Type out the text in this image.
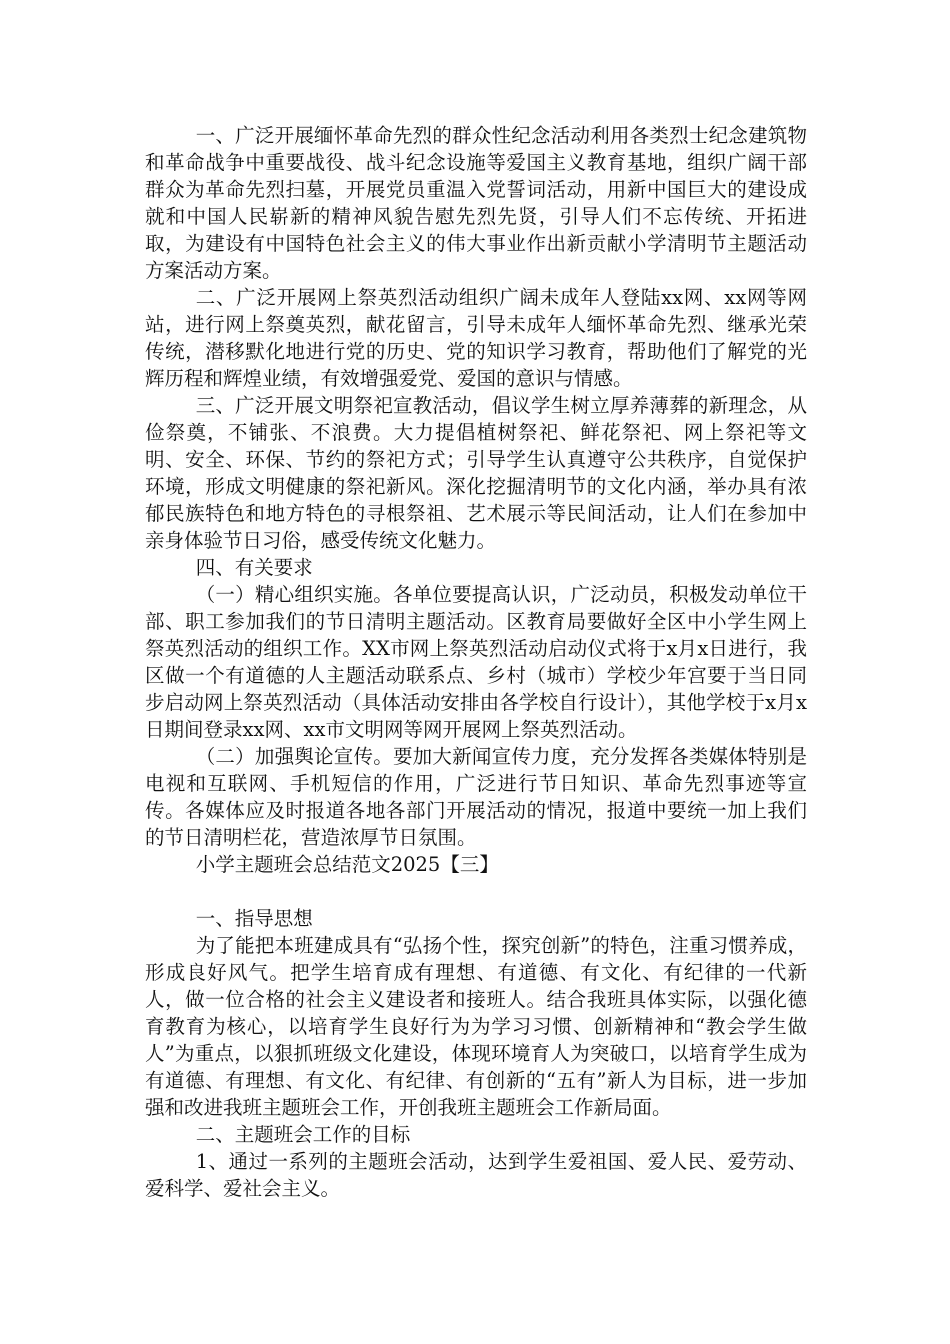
一、广泛开展缅怀革命先烈的群众性纪念活动利用各类烈士纪念建筑物和革命战争中重要战役、战斗纪念设施等爱国主义教育基地，组织广阔干部群众为革命先烈扫墓，开展党员重温入党誓词活动，用新中国巨大的建设成就和中国人民崭新的精神风貌告慰先烈先贤，引导人们不忘传统、开拓进取，为建设有中国特色社会主义的伟大事业作出新贡献小学清明节主题活动方案活动方案。

二、广泛开展网上祭英烈活动组织广阔未成年人登陆xx网、xx网等网站，进行网上祭奠英烈，献花留言，引导未成年人缅怀革命先烈、继承光荣传统，潜移默化地进行党的历史、党的知识学习教育，帮助他们了解党的光辉历程和辉煌业绩，有效增强爱党、爱国的意识与情感。

三、广泛开展文明祭祀宣教活动，倡议学生树立厚养薄葬的新理念，从俭祭奠，不铺张、不浪费。大力提倡植树祭祀、鲜花祭祀、网上祭祀等文明、安全、环保、节约的祭祀方式；引导学生认真遵守公共秩序，自觉保护环境，形成文明健康的祭祀新风。深化挖掘清明节的文化内涵，举办具有浓郁民族特色和地方特色的寻根祭祖、艺术展示等民间活动，让人们在参加中亲身体验节日习俗，感受传统文化魅力。

四、有关要求

（一）精心组织实施。各单位要提高认识，广泛动员，积极发动单位干部、职工参加我们的节日清明主题活动。区教育局要做好全区中小学生网上祭英烈活动的组织工作。XX市网上祭英烈活动启动仪式将于x月x日进行，我区做一个有道德的人主题活动联系点、乡村（城市）学校少年宫要于当日同步启动网上祭英烈活动（具体活动安排由各学校自行设计），其他学校于x月x日期间登录xx网、xx市文明网等网开展网上祭英烈活动。

（二）加强舆论宣传。要加大新闻宣传力度，充分发挥各类媒体特别是电视和互联网、手机短信的作用，广泛进行节日知识、革命先烈事迹等宣传。各媒体应及时报道各地各部门开展活动的情况，报道中要统一加上我们的节日清明栏花，营造浓厚节日氛围。

小学主题班会总结范文2025【三】

一、指导思想

为了能把本班建成具有“弘扬个性，探究创新”的特色，注重习惯养成，形成良好风气。把学生培育成有理想、有道德、有文化、有纪律的一代新人，做一位合格的社会主义建设者和接班人。结合我班具体实际，以强化德育教育为核心，以培育学生良好行为为学习习惯、创新精神和“教会学生做人”为重点，以狠抓班级文化建设，体现环境育人为突破口，以培育学生成为有道德、有理想、有文化、有纪律、有创新的“五有”新人为目标，进一步加强和改进我班主题班会工作，开创我班主题班会工作新局面。

二、主题班会工作的目标

1、通过一系列的主题班会活动，达到学生爱祖国、爱人民、爱劳动、爱科学、爱社会主义。
